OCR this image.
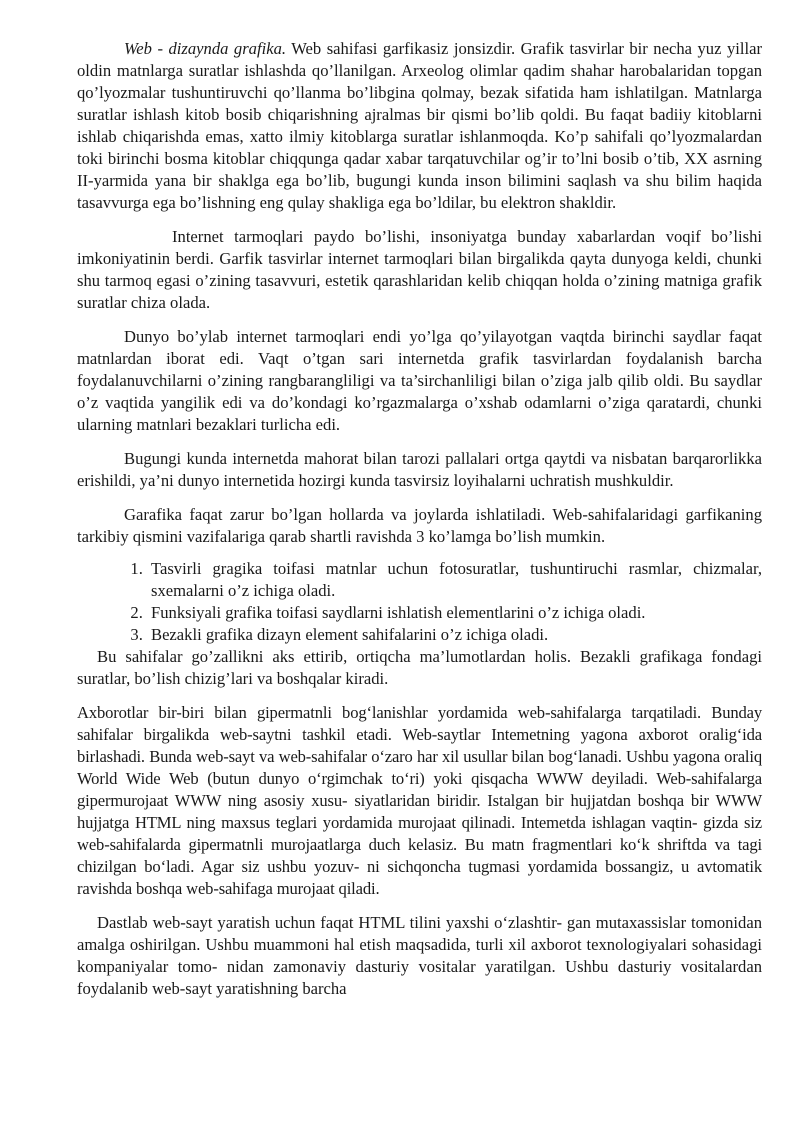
Web - dizaynda grafika. Web sahifasi garfikasiz jonsizdir. Grafik tasvirlar bir necha yuz yillar oldin matnlarga suratlar ishlashda qo’llanilgan. Arxeolog olimlar qadim shahar harobalaridan topgan qo’lyozmalar tushuntiruvchi qo’llanma bo’libgina qolmay, bezak sifatida ham ishlatilgan. Matnlarga suratlar ishlash kitob bosib chiqarishning ajralmas bir qismi bo’lib qoldi. Bu faqat badiiy kitoblarni ishlab chiqarishda emas, xatto ilmiy kitoblarga suratlar ishlanmoqda. Ko’p sahifali qo’lyozmalardan toki birinchi bosma kitoblar chiqqunga qadar xabar tarqatuvchilar og’ir to’lni bosib o’tib, XX asrning II-yarmida yana bir shaklga ega bo’lib, bugungi kunda inson bilimini saqlash va shu bilim haqida tasavvurga ega bo’lishning eng qulay shakliga ega bo’ldilar, bu elektron shakldir.

Internet tarmoqlari paydo bo’lishi, insoniyatga bunday xabarlardan voqif bo’lishi imkoniyatinin berdi. Garfik tasvirlar internet tarmoqlari bilan birgalikda qayta dunyoga keldi, chunki shu tarmoq egasi o’zining tasavvuri, estetik qarashlaridan kelib chiqqan holda o’zining matniga grafik suratlar chiza olada.

Dunyo bo’ylab internet tarmoqlari endi yo’lga qo’yilayotgan vaqtda birinchi saydlar faqat matnlardan iborat edi. Vaqt o’tgan sari internetda grafik tasvirlardan foydalanish barcha foydalanuvchilarni o’zining rangbarangliligi va ta’sirchanliligi bilan o’ziga jalb qilib oldi. Bu saydlar o’z vaqtida yangilik edi va do’kondagi ko’rgazmalarga o’xshab odamlarni o’ziga qaratardi, chunki ularning matnlari bezaklari turlicha edi.

Bugungi kunda internetda mahorat bilan tarozi pallalari ortga qaytdi va nisbatan barqarorlikka erishildi, ya’ni dunyo internetida hozirgi kunda tasvirsiz loyihalarni uchratish mushkuldir.

Garafika faqat zarur bo’lgan hollarda va joylarda ishlatiladi. Web-sahifalaridagi garfikaning tarkibiy qismini vazifalariga qarab shartli ravishda 3 ko’lamga bo’lish mumkin.

1. Tasvirli gragika toifasi matnlar uchun fotosuratlar, tushuntiruchi rasmlar, chizmalar, sxemalarni o’z ichiga oladi.
2. Funksiyali grafika toifasi saydlarni ishlatish elementlarini o’z ichiga oladi.
3. Bezakli grafika dizayn element sahifalarini o’z ichiga oladi.

Bu sahifalar go’zallikni aks ettirib, ortiqcha ma’lumotlardan holis. Bezakli grafikaga fondagi suratlar, bo’lish chizig’lari va boshqalar kiradi.

Axborotlar bir-biri bilan gipermatnli bog‘lanishlar yordamida web-sahifalarga tarqatiladi. Bunday sahifalar birgalikda web-saytni tashkil etadi. Web-saytlar Intemetning yagona axborot oralig‘ida birlashadi. Bunda web-sayt va web-sahifalar o‘zaro har xil usullar bilan bog‘lanadi. Ushbu yagona oraliq World Wide Web (butun dunyo o‘rgimchak to‘ri) yoki qisqacha WWW deyiladi. Web-sahifalarga gipermurojaat WWW ning asosiy xusu- siyatlaridan biridir. Istalgan bir hujjatdan boshqa bir WWW hujjatga HTML ning maxsus teglari yordamida murojaat qilinadi. Intemetda ishlagan vaqtin- gizda siz web-sahifalarda gipermatnli murojaatlarga duch kelasiz. Bu matn fragmentlari ko‘k shriftda va tagi chizilgan bo‘ladi. Agar siz ushbu yozuv- ni sichqoncha tugmasi yordamida bossangiz, u avtomatik ravishda boshqa web-sahifaga murojaat qiladi.

Dastlab web-sayt yaratish uchun faqat HTML tilini yaxshi o‘zlashtir- gan mutaxassislar tomonidan amalga oshirilgan. Ushbu muammoni hal etish maqsadida, turli xil axborot texnologiyalari sohasidagi kompaniyalar tomo- nidan zamonaviy dasturiy vositalar yaratilgan. Ushbu dasturiy vositalardan foydalanib web-sayt yaratishning barcha
